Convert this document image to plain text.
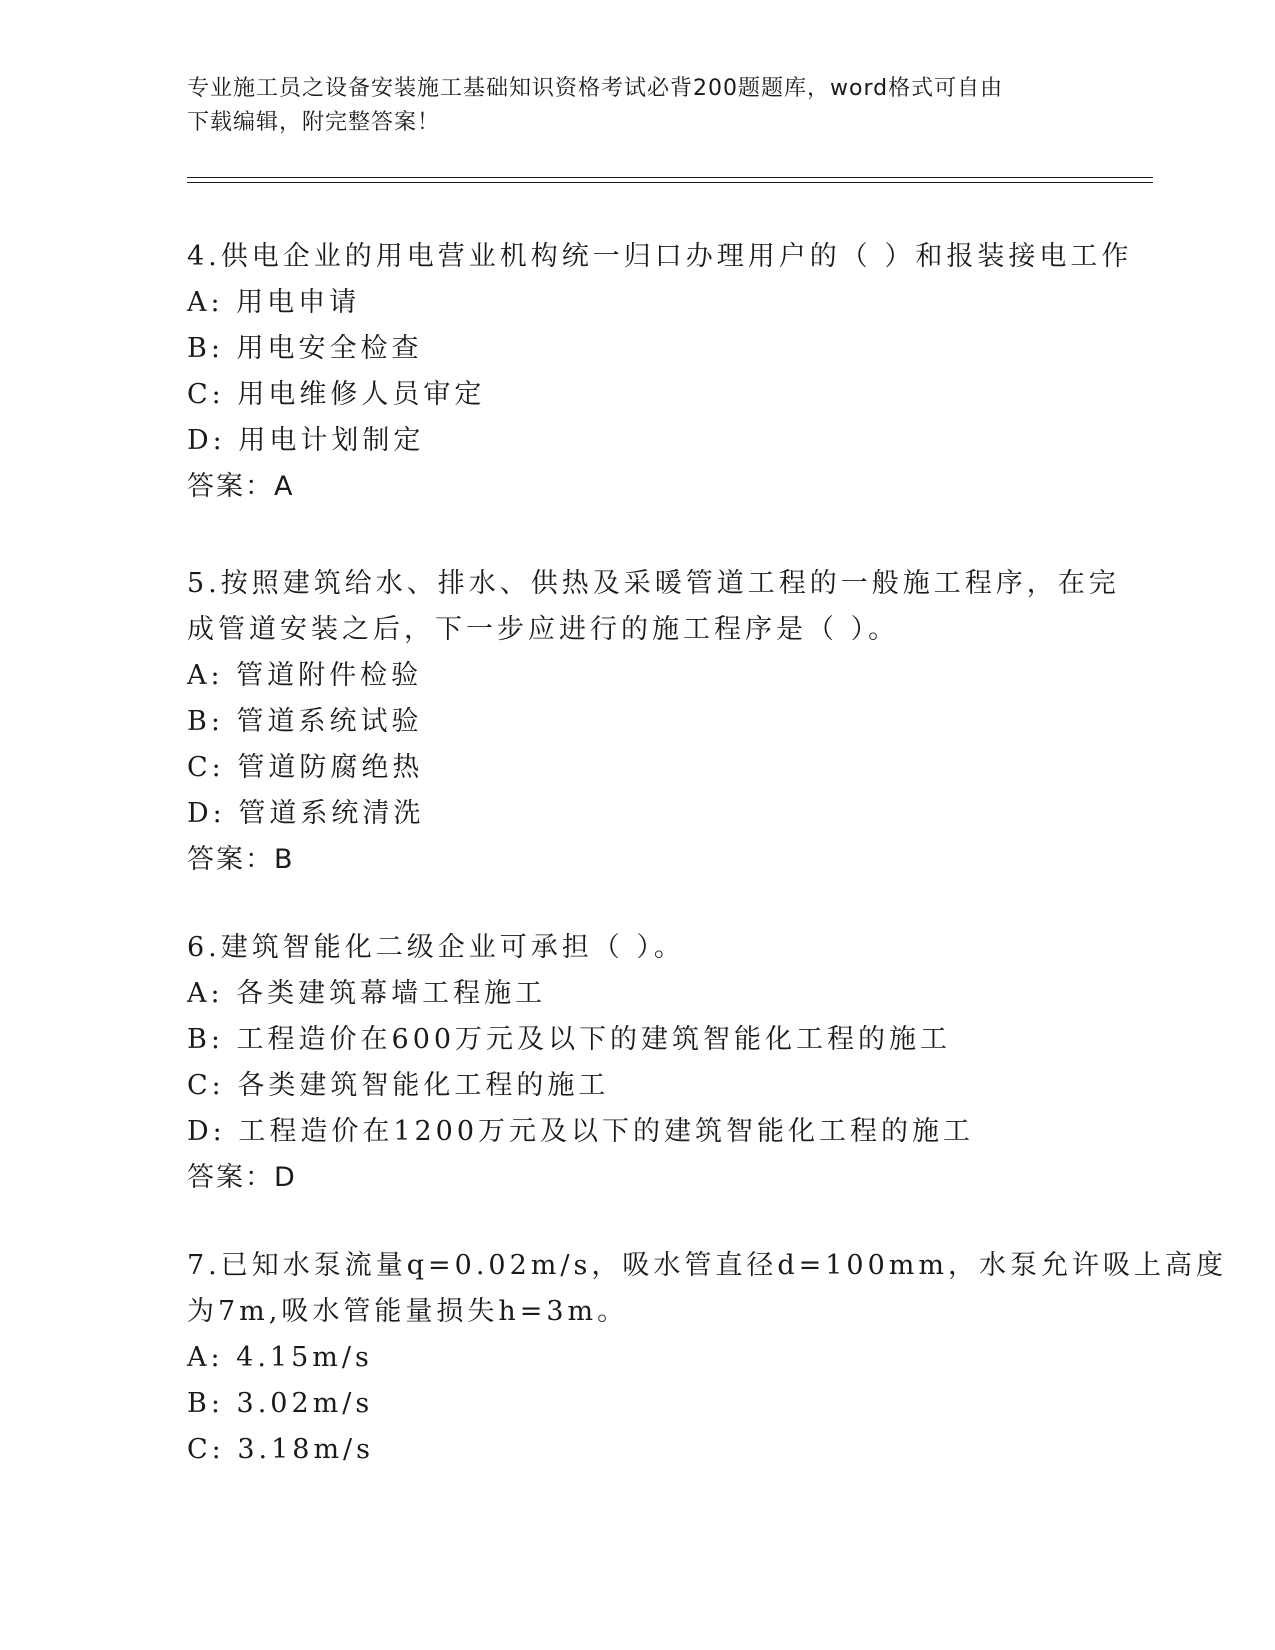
专业施工员之设备安装施工基础知识资格考试必背200题题库，word格式可自由
下载编辑，附完整答案！
4.供电企业的用电营业机构统一归口办理用户的（ ）和报装接电工作
A: 用电申请
B: 用电安全检查
C: 用电维修人员审定
D: 用电计划制定
答案：A
5.按照建筑给水、排水、供热及采暖管道工程的一般施工程序，在完
成管道安装之后，下一步应进行的施工程序是（ ）。
A: 管道附件检验
B: 管道系统试验
C: 管道防腐绝热
D: 管道系统清洗
答案：B
6.建筑智能化二级企业可承担（ ）。
A: 各类建筑幕墙工程施工
B: 工程造价在600万元及以下的建筑智能化工程的施工
C: 各类建筑智能化工程的施工
D: 工程造价在1200万元及以下的建筑智能化工程的施工
答案：D
7.已知水泵流量q=0.02m/s，吸水管直径d=100mm，水泵允许吸上高度
为7m,吸水管能量损失h=3m。
A: 4.15m/s
B: 3.02m/s
C: 3.18m/s
